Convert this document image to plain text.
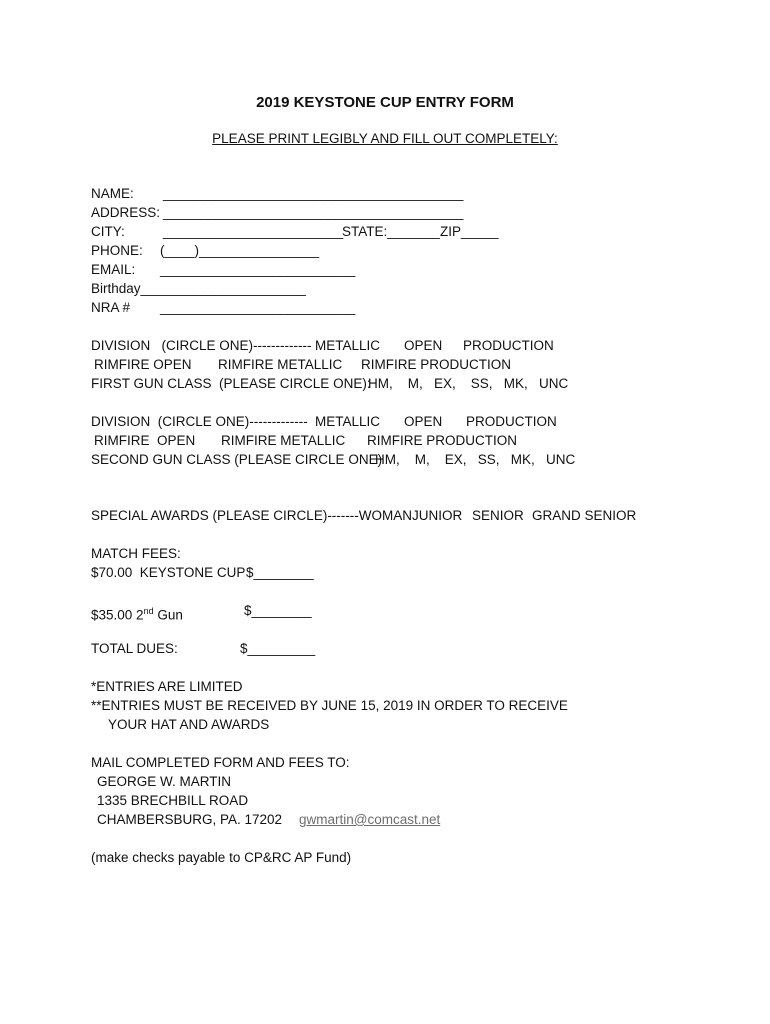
2019 KEYSTONE CUP ENTRY FORM
PLEASE PRINT LEGIBLY AND FILL OUT COMPLETELY:
NAME: ________________________________________
ADDRESS: ________________________________________
CITY:	________________________
STATE:_______ ZIP_____
PHONE: (____)________________
EMAIL: __________________________
Birthday______________________
NRA # __________________________
DIVISION   (CIRCLE ONE)------------- METALLIC OPEN PRODUCTION
RIMFIRE OPEN RIMFIRE METALLIC RIMFIRE PRODUCTION
FIRST GUN CLASS  (PLEASE CIRCLE ONE):
HM,    M,   EX,    SS,   MK,   UNC
DIVISION  (CIRCLE ONE)------------- METALLIC OPEN PRODUCTION
RIMFIRE  OPEN RIMFIRE METALLIC RIMFIRE PRODUCTION
SECOND GUN CLASS (PLEASE CIRCLE ONE)
HM,    M,    EX,   SS,   MK,   UNC
SPECIAL AWARDS (PLEASE CIRCLE)-------WOMAN JUNIOR SENIOR GRAND SENIOR
MATCH FEES:
$70.00  KEYSTONE CUP $________
$35.00 2nd Gun	$________
TOTAL DUES:	$_________
*ENTRIES ARE LIMITED
**ENTRIES MUST BE RECEIVED BY JUNE 15, 2019 IN ORDER TO RECEIVE
YOUR HAT AND AWARDS
MAIL COMPLETED FORM AND FEES TO:
GEORGE W. MARTIN
1335 BRECHBILL ROAD
CHAMBERSBURG, PA. 17202 gwmartin@comcast.net
(make checks payable to CP&RC AP Fund)
